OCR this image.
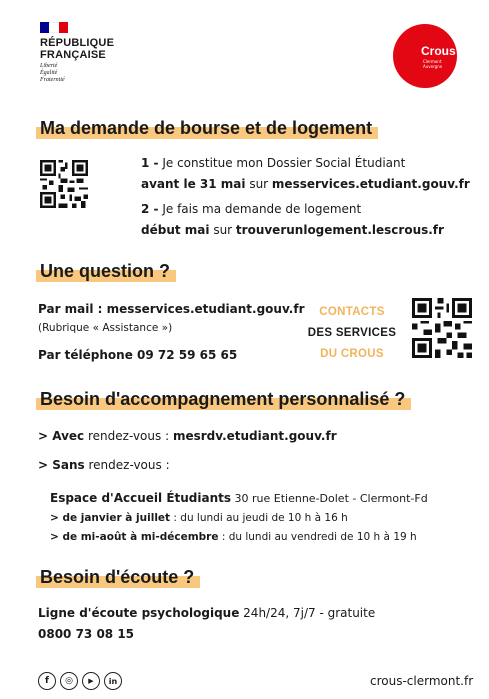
RÉPUBLIQUE
FRANÇAISE
Liberté
Égalité
Fraternité
Crous
Clermont
Auvergne
Ma demande de bourse et de logement
1 - Je constitue mon Dossier Social Étudiant
avant le 31 mai sur messervices.etudiant.gouv.fr
2 - Je fais ma demande de logement
début mai sur trouverunlogement.lescrous.fr
Une question ?
Par mail : messervices.etudiant.gouv.fr
(Rubrique « Assistance »)
Par téléphone 09 72 59 65 65
CONTACTS
DES SERVICES
DU CROUS
Besoin d'accompagnement personnalisé ?
> Avec rendez-vous : mesrdv.etudiant.gouv.fr
> Sans rendez-vous :
Espace d'Accueil Étudiants 30 rue Etienne-Dolet - Clermont-Fd
> de janvier à juillet : du lundi au jeudi de 10 h à 16 h
> de mi-août à mi-décembre : du lundi au vendredi de 10 h à 19 h
Besoin d'écoute ?
Ligne d'écoute psychologique 24h/24, 7j/7 - gratuite
0800 73 08 15
f	◎	▶	in	crous-clermont.fr
